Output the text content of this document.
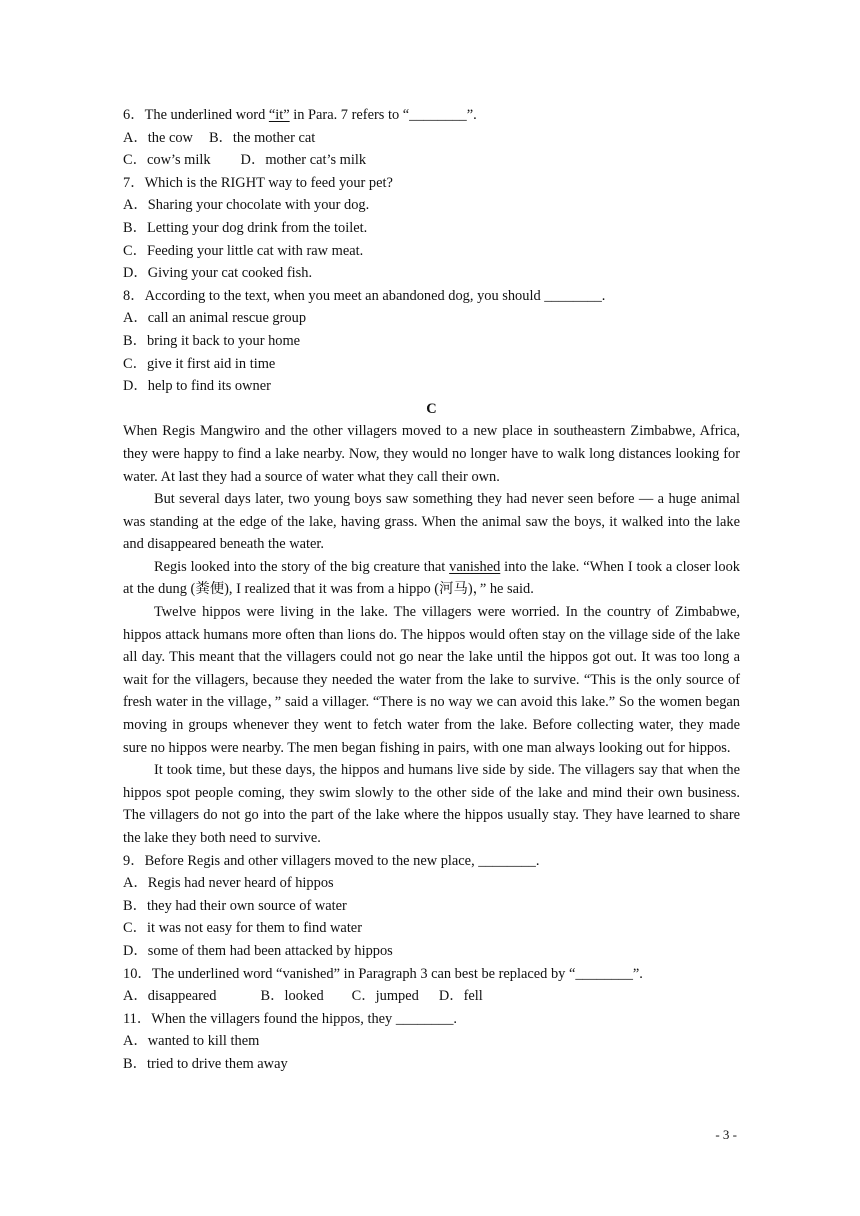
6．The underlined word “it” in Para. 7 refers to “________”.
A．the cow B．the mother cat
C．cow’s milk D．mother cat’s milk
7．Which is the RIGHT way to feed your pet?
A．Sharing your chocolate with your dog.
B．Letting your dog drink from the toilet.
C．Feeding your little cat with raw meat.
D．Giving your cat cooked fish.
8．According to the text, when you meet an abandoned dog, you should ________.
A．call an animal rescue group
B．bring it back to your home
C．give it first aid in time
D．help to find its owner
C

When Regis Mangwiro and the other villagers moved to a new place in southeastern Zimbabwe, Africa, they were happy to find a lake nearby. Now, they would no longer have to walk long distances looking for water. At last they had a source of water what they call their own.

But several days later, two young boys saw something they had never seen before — a huge animal was standing at the edge of the lake, having grass. When the animal saw the boys, it walked into the lake and disappeared beneath the water.

Regis looked into the story of the big creature that vanished into the lake. “When I took a closer look at the dung (粪便), I realized that it was from a hippo (河马)，” he said.

Twelve hippos were living in the lake. The villagers were worried. In the country of Zimbabwe, hippos attack humans more often than lions do. The hippos would often stay on the village side of the lake all day. This meant that the villagers could not go near the lake until the hippos got out. It was too long a wait for the villagers, because they needed the water from the lake to survive. “This is the only source of fresh water in the village，” said a villager. “There is no way we can avoid this lake.” So the women began moving in groups whenever they went to fetch water from the lake. Before collecting water, they made sure no hippos were nearby. The men began fishing in pairs, with one man always looking out for hippos.

It took time, but these days, the hippos and humans live side by side. The villagers say that when the hippos spot people coming, they swim slowly to the other side of the lake and mind their own business. The villagers do not go into the part of the lake where the hippos usually stay. They have learned to share the lake they both need to survive.

9．Before Regis and other villagers moved to the new place, ________.
A．Regis had never heard of hippos
B．they had their own source of water
C．it was not easy for them to find water
D．some of them had been attacked by hippos
10．The underlined word “vanished” in Paragraph 3 can best be replaced by “________”.
A．disappeared	B．looked C．jumped D．fell
11．When the villagers found the hippos, they ________.
A．wanted to kill them
B．tried to drive them away
- 3 -
